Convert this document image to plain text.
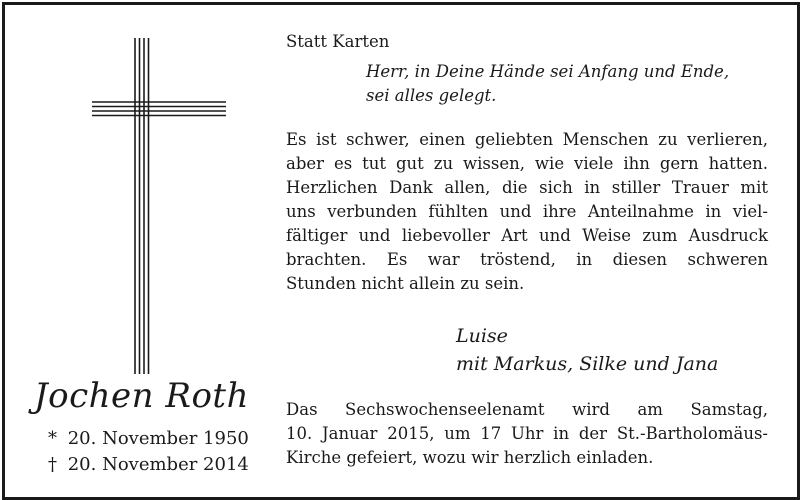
Jochen Roth
* 20. November 1950
† 20. November 2014
Statt Karten
Herr, in Deine Hände sei Anfang und Ende,
sei alles gelegt.
Es ist schwer, einen geliebten Menschen zu verlieren,
aber es tut gut zu wissen, wie viele ihn gern hatten.
Herzlichen Dank allen, die sich in stiller Trauer mit
uns verbunden fühlten und ihre Anteilnahme in viel-
fältiger und liebevoller Art und Weise zum Ausdruck
brachten. Es war tröstend, in diesen schweren
Stunden nicht allein zu sein.
Luise
mit Markus, Silke und Jana
Das Sechswochenseelenamt wird am Samstag,
10. Januar 2015, um 17 Uhr in der St.-Bartholomäus-
Kirche gefeiert, wozu wir herzlich einladen.
